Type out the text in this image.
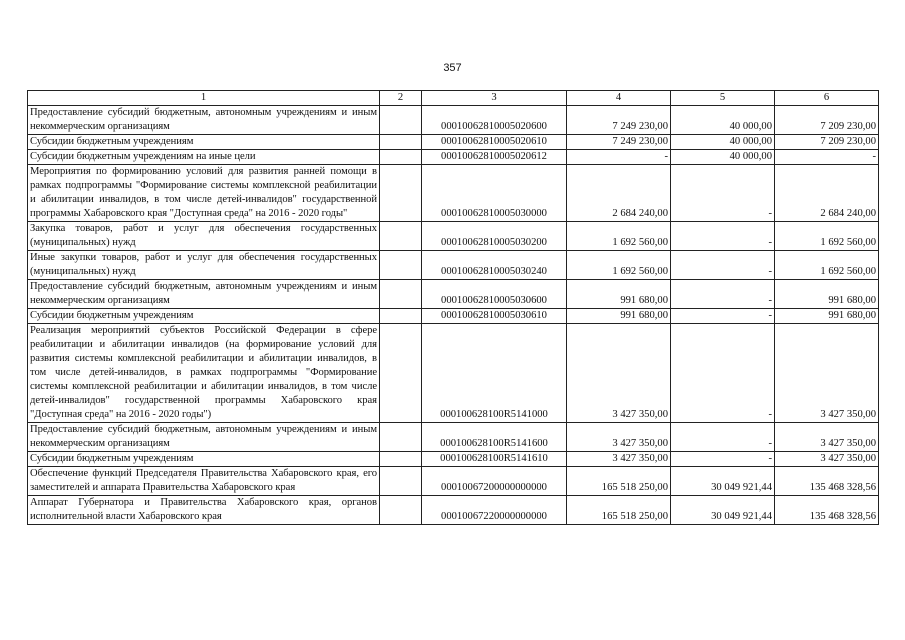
357
1	2	3	4	5	6
Предоставление субсидий бюджетным, автономным учреждениям и иным некоммерческим организациям		00010062810005020600	7 249 230,00	40 000,00	7 209 230,00
Субсидии бюджетным учреждениям		00010062810005020610	7 249 230,00	40 000,00	7 209 230,00
Субсидии бюджетным учреждениям на иные цели		00010062810005020612	-	40 000,00	-
Мероприятия по формированию условий для развития ранней помощи в рамках подпрограммы "Формирование системы комплексной реабилитации и абилитации инвалидов, в том числе детей-инвалидов" государственной программы Хабаровского края "Доступная среда" на 2016 - 2020 годы"		00010062810005030000	2 684 240,00	-	2 684 240,00
Закупка товаров, работ и услуг для обеспечения государственных (муниципальных) нужд		00010062810005030200	1 692 560,00	-	1 692 560,00
Иные закупки товаров, работ и услуг для обеспечения государственных (муниципальных) нужд		00010062810005030240	1 692 560,00	-	1 692 560,00
Предоставление субсидий бюджетным, автономным учреждениям и иным некоммерческим организациям		00010062810005030600	991 680,00	-	991 680,00
Субсидии бюджетным учреждениям		00010062810005030610	991 680,00	-	991 680,00
Реализация мероприятий субъектов Российской Федерации в сфере реабилитации и абилитации инвалидов (на формирование условий для развития системы комплексной реабилитации и абилитации инвалидов, в том числе детей-инвалидов, в рамках подпрограммы "Формирование системы комплексной реабилитации и абилитации инвалидов, в том числе детей-инвалидов" государственной программы Хабаровского края "Доступная среда" на 2016 - 2020 годы")		000100628100R5141000	3 427 350,00	-	3 427 350,00
Предоставление субсидий бюджетным, автономным учреждениям и иным некоммерческим организациям		000100628100R5141600	3 427 350,00	-	3 427 350,00
Субсидии бюджетным учреждениям		000100628100R5141610	3 427 350,00	-	3 427 350,00
Обеспечение функций Председателя Правительства Хабаровского края, его заместителей и аппарата Правительства Хабаровского края		00010067200000000000	165 518 250,00	30 049 921,44	135 468 328,56
Аппарат Губернатора и Правительства Хабаровского края, органов исполнительной власти Хабаровского края		00010067220000000000	165 518 250,00	30 049 921,44	135 468 328,56
